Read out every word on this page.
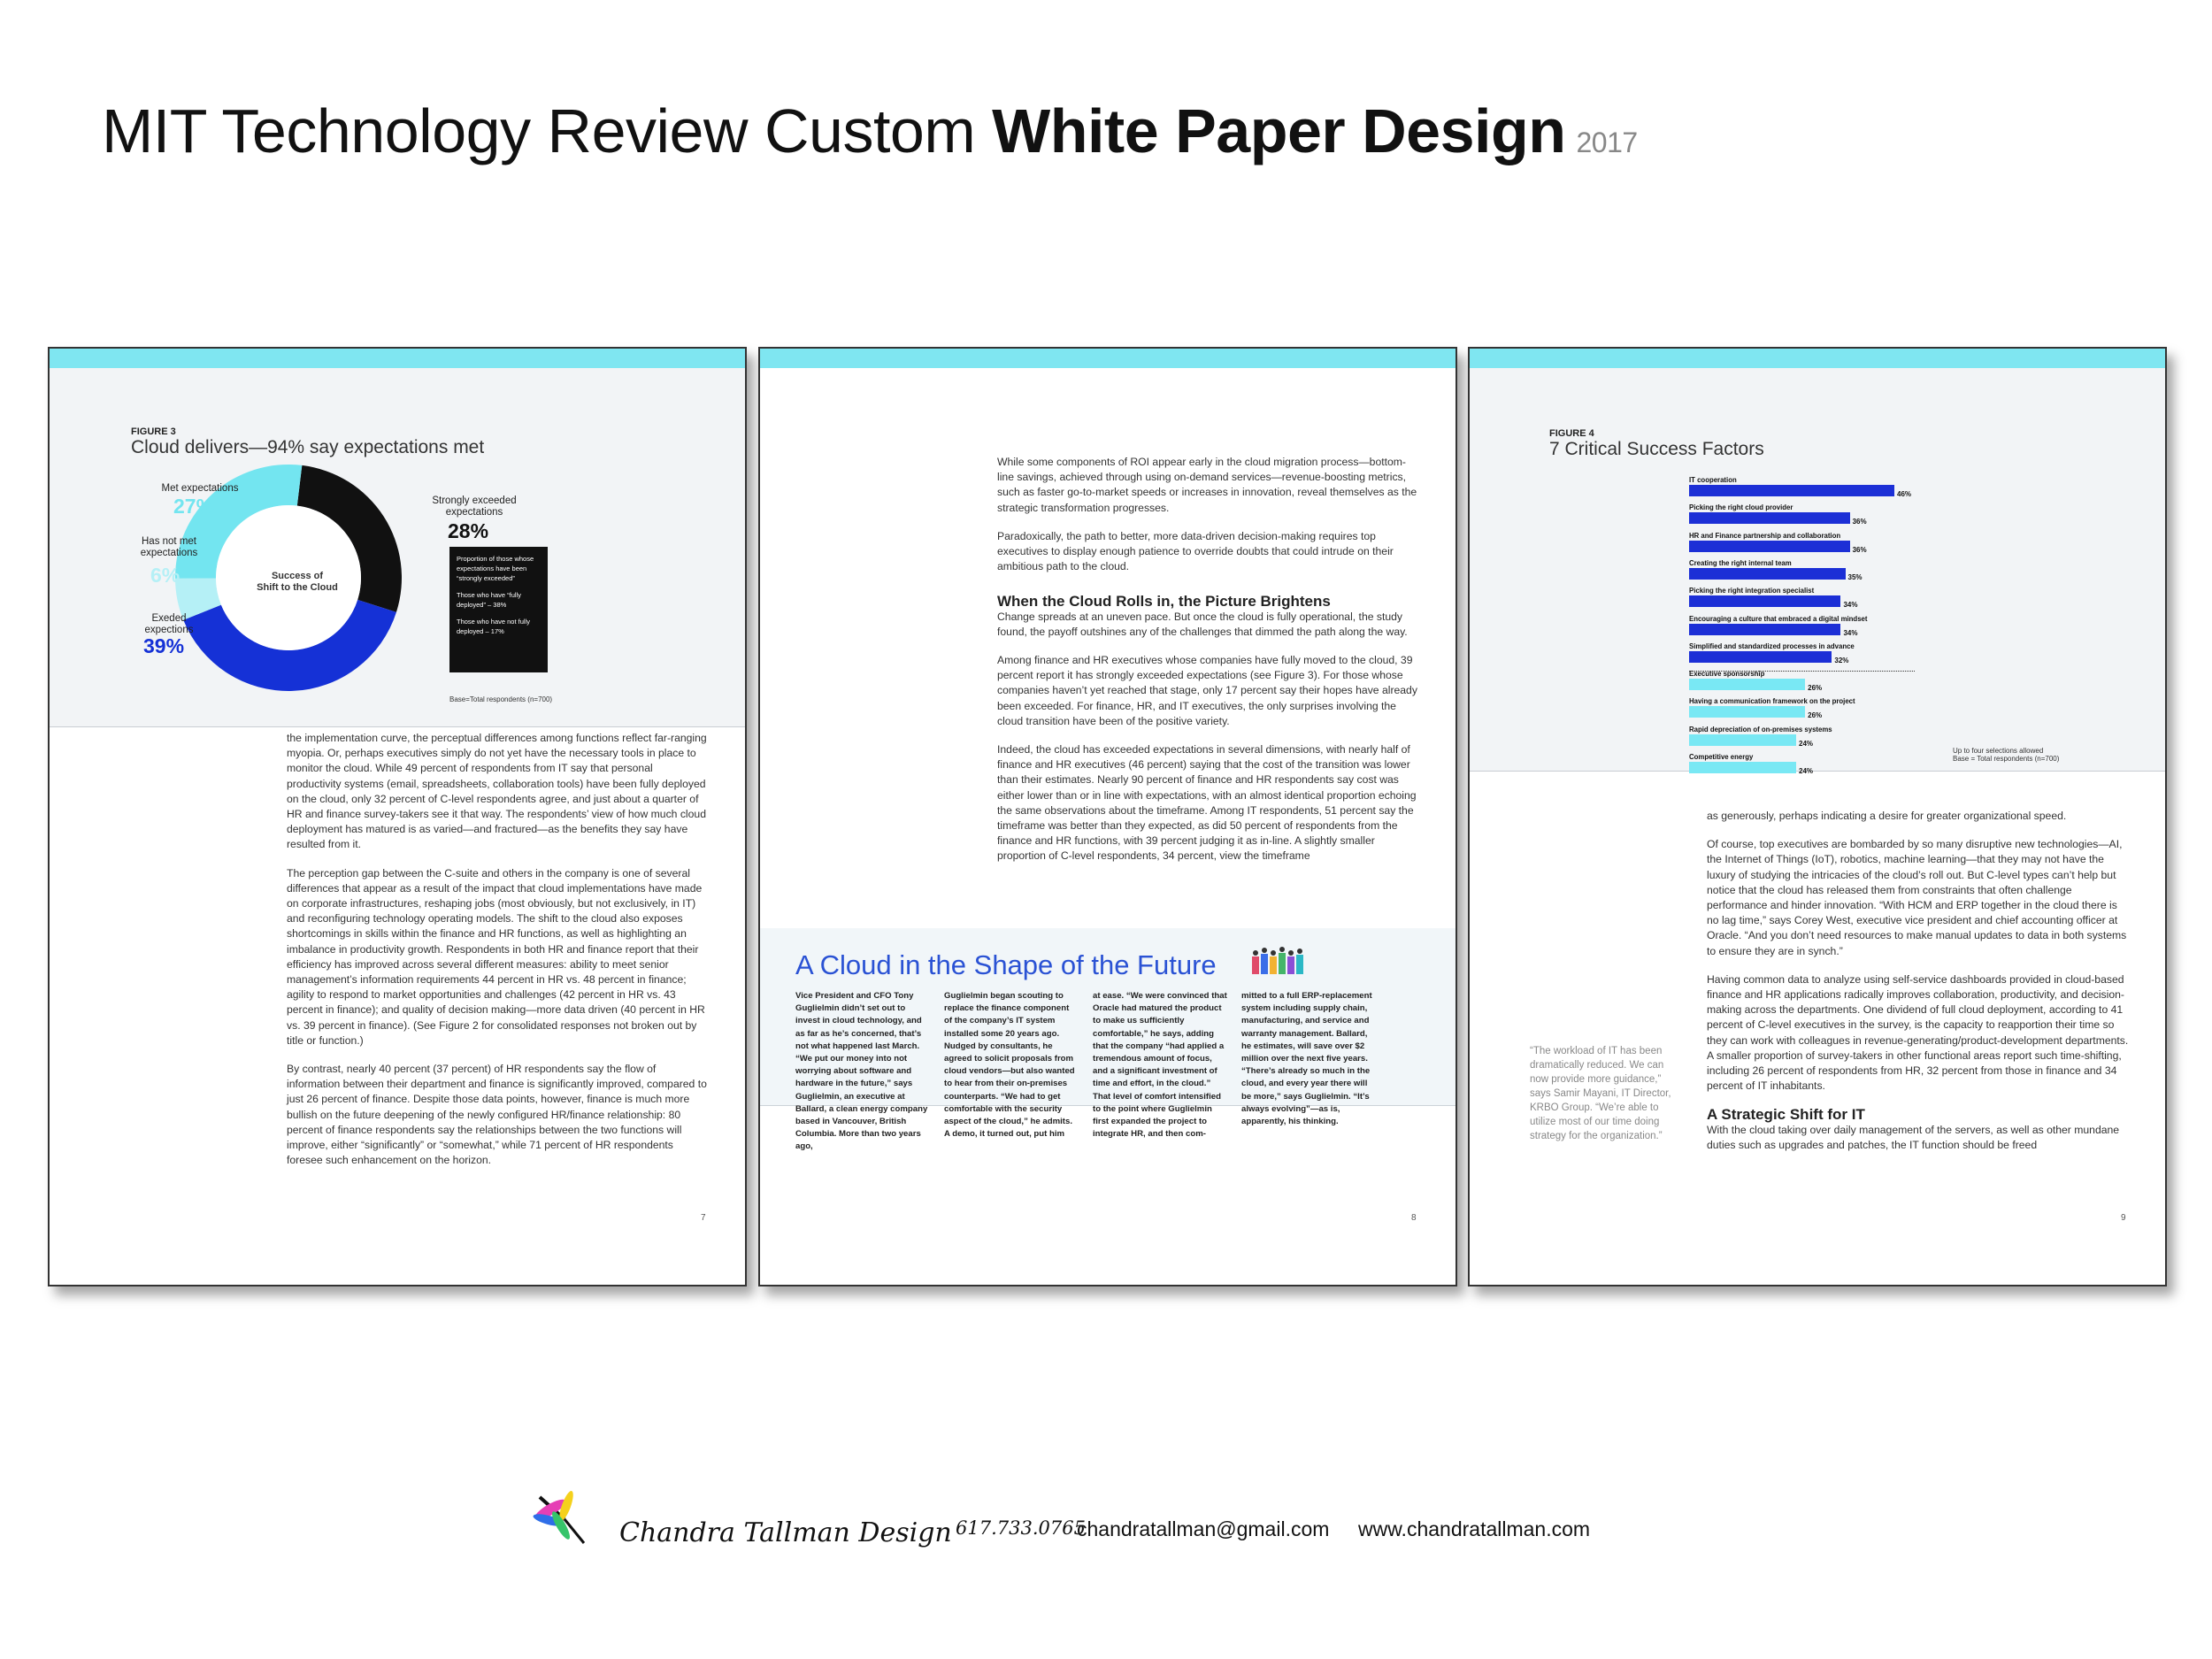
MIT Technology Review Custom White Paper Design 2017
FIGURE 3
Cloud delivers—94% say expectations met
Met expectations
27%
Has not met
expectations
6%
Exeded
expections
39%
Strongly exceeded
expectations
28%
Success of
Shift to the Cloud
Proportion of those whose expectations have been “strongly exceeded”
Those who have “fully deployed” – 38%
Those who have not fully deployed – 17%
Base=Total respondents (n=700)

the implementation curve, the perceptual differences among functions reflect far-ranging myopia. Or, perhaps executives simply do not yet have the necessary tools in place to monitor the cloud. While 49 percent of respondents from IT say that personal productivity systems (email, spreadsheets, collaboration tools) have been fully deployed on the cloud, only 32 percent of C-level respondents agree, and just about a quarter of HR and finance survey-takers see it that way. The respondents’ view of how much cloud deployment has matured is as varied—and fractured—as the benefits they say have resulted from it.

The perception gap between the C-suite and others in the company is one of several differences that appear as a result of the impact that cloud implementations have made on corporate infrastructures, reshaping jobs (most obviously, but not exclusively, in IT) and reconfiguring technology operating models. The shift to the cloud also exposes shortcomings in skills within the finance and HR functions, as well as highlighting an imbalance in productivity growth. Respondents in both HR and finance report that their efficiency has improved across several different measures: ability to meet senior management’s information requirements 44 percent in HR vs. 48 percent in finance; agility to respond to market opportunities and challenges (42 percent in HR vs. 43 percent in finance); and quality of decision making—more data driven (40 percent in HR vs. 39 percent in finance). (See Figure 2 for consolidated responses not broken out by title or function.)

By contrast, nearly 40 percent (37 percent) of HR respondents say the flow of information between their department and finance is significantly improved, compared to just 26 percent of finance. Despite those data points, however, finance is much more bullish on the future deepening of the newly configured HR/finance relationship: 80 percent of finance respondents say the relationships between the two functions will improve, either “significantly” or “somewhat,” while 71 percent of HR respondents foresee such enhancement on the horizon.

7

While some components of ROI appear early in the cloud migration process—bottom-line savings, achieved through using on-demand services—revenue-boosting metrics, such as faster go-to-market speeds or increases in innovation, reveal themselves as the strategic transformation progresses.

Paradoxically, the path to better, more data-driven decision-making requires top executives to display enough patience to override doubts that could intrude on their ambitious path to the cloud.

When the Cloud Rolls in, the Picture Brightens

Change spreads at an uneven pace. But once the cloud is fully operational, the study found, the payoff outshines any of the challenges that dimmed the path along the way.

Among finance and HR executives whose companies have fully moved to the cloud, 39 percent report it has strongly exceeded expectations (see Figure 3). For those whose companies haven’t yet reached that stage, only 17 percent say their hopes have already been exceeded. For finance, HR, and IT executives, the only surprises involving the cloud transition have been of the positive variety.

Indeed, the cloud has exceeded expectations in several dimensions, with nearly half of finance and HR executives (46 percent) saying that the cost of the transition was lower than their estimates. Nearly 90 percent of finance and HR respondents say cost was either lower than or in line with expectations, with an almost identical proportion echoing the same observations about the timeframe. Among IT respondents, 51 percent say the timeframe was better than they expected, as did 50 percent of respondents from the finance and HR functions, with 39 percent judging it as in-line. A slightly smaller proportion of C-level respondents, 34 percent, view the timeframe

A Cloud in the Shape of the Future
Vice President and CFO Tony Guglielmin didn’t set out to invest in cloud technology, and as far as he’s concerned, that’s not what happened last March. “We put our money into not worrying about software and hardware in the future,” says Guglielmin, an executive at Ballard, a clean energy company based in Vancouver, British Columbia. More than two years ago,
Guglielmin began scouting to replace the finance component of the company’s IT system installed some 20 years ago. Nudged by consultants, he agreed to solicit proposals from cloud vendors—but also wanted to hear from their on-premises counterparts. “We had to get comfortable with the security aspect of the cloud,” he admits. A demo, it turned out, put him
at ease. “We were convinced that Oracle had matured the product to make us sufficiently comfortable,” he says, adding that the company “had applied a tremendous amount of focus, and a significant investment of time and effort, in the cloud.” That level of comfort intensified to the point where Guglielmin first expanded the project to integrate HR, and then com-
mitted to a full ERP-replacement system including supply chain, manufacturing, and service and warranty management. Ballard, he estimates, will save over $2 million over the next five years. “There’s already so much in the cloud, and every year there will be more,” says Guglielmin. “It’s always evolving”—as is, apparently, his thinking.
8
FIGURE 4
7 Critical Success Factors
IT cooperation
46%
Picking the right cloud provider
36%
HR and Finance partnership and collaboration
36%
Creating the right internal team
35%
Picking the right integration specialist
34%
Encouraging a culture that embraced a digital mindset
34%
Simplified and standardized processes in advance
32%
Executive sponsorship
26%
Having a communication framework on the project
26%
Rapid depreciation of on-premises systems
24%
Competitive energy
24%
Up to four selections allowed
Base = Total respondents (n=700)

as generously, perhaps indicating a desire for greater organizational speed.

Of course, top executives are bombarded by so many disruptive new technologies—AI, the Internet of Things (IoT), robotics, machine learning—that they may not have the luxury of studying the intricacies of the cloud’s roll out. But C-level types can’t help but notice that the cloud has released them from constraints that often challenge performance and hinder innovation. “With HCM and ERP together in the cloud there is no lag time,” says Corey West, executive vice president and chief accounting officer at Oracle. “And you don’t need resources to make manual updates to data in both systems to ensure they are in synch.”

Having common data to analyze using self-service dashboards provided in cloud-based finance and HR applications radically improves collaboration, productivity, and decision-making across the departments. One dividend of full cloud deployment, according to 41 percent of C-level executives in the survey, is the capacity to reapportion their time so they can work with colleagues in revenue-generating/product-development departments. A smaller proportion of survey-takers in other functional areas report such time-shifting, including 26 percent of respondents from HR, 32 percent from those in finance and 34 percent of IT inhabitants.

A Strategic Shift for IT

With the cloud taking over daily management of the servers, as well as other mundane duties such as upgrades and patches, the IT function should be freed

“The workload of IT has been dramatically reduced. We can now provide more guidance,” says Samir Mayani, IT Director, KRBO Group. “We’re able to utilize most of our time doing strategy for the organization.”
9
Chandra Tallman Design 617.733.0765
chandratallman@gmail.com www.chandratallman.com
